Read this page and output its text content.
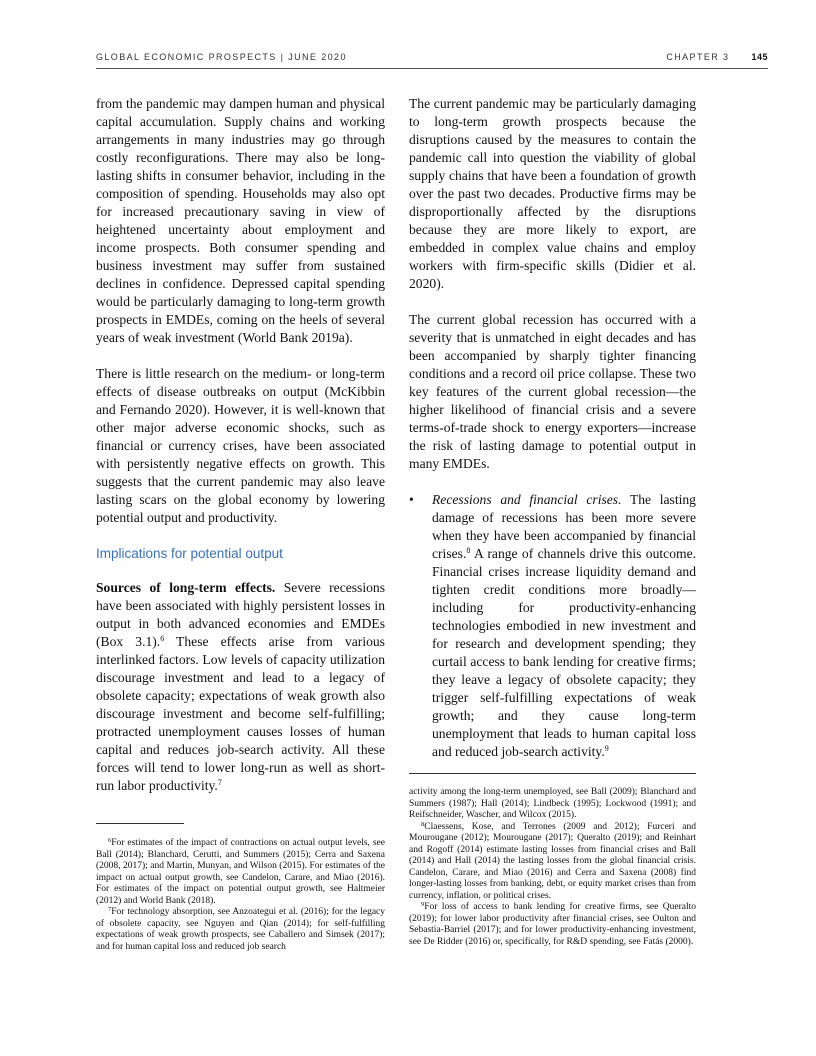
GLOBAL ECONOMIC PROSPECTS | JUNE 2020	CHAPTER 3 145

from the pandemic may dampen human and physical capital accumulation. Supply chains and working arrangements in many industries may go through costly reconfigurations. There may also be long-lasting shifts in consumer behavior, including in the composition of spending. Households may also opt for increased precautionary saving in view of heightened uncertainty about employment and income prospects. Both consumer spending and business investment may suffer from sustained declines in confidence. Depressed capital spending would be particularly damaging to long-term growth prospects in EMDEs, coming on the heels of several years of weak investment (World Bank 2019a).

There is little research on the medium- or long-term effects of disease outbreaks on output (McKibbin and Fernando 2020). However, it is well-known that other major adverse economic shocks, such as financial or currency crises, have been associated with persistently negative effects on growth. This suggests that the current pandemic may also leave lasting scars on the global economy by lowering potential output and productivity.

Implications for potential output

Sources of long-term effects. Severe recessions have been associated with highly persistent losses in output in both advanced economies and EMDEs (Box 3.1).$^6$ These effects arise from various interlinked factors. Low levels of capacity utilization discourage investment and lead to a legacy of obsolete capacity; expectations of weak growth also discourage investment and become self-fulfilling; protracted unemployment causes losses of human capital and reduces job-search activity. All these forces will tend to lower long-run as well as short-run labor productivity.$^7$

The current pandemic may be particularly damaging to long-term growth prospects because the disruptions caused by the measures to contain the pandemic call into question the viability of global supply chains that have been a foundation of growth over the past two decades. Productive firms may be disproportionally affected by the disruptions because they are more likely to export, are embedded in complex value chains and employ workers with firm-specific skills (Didier et al. 2020).

The current global recession has occurred with a severity that is unmatched in eight decades and has been accompanied by sharply tighter financing conditions and a record oil price collapse. These two key features of the current global recession—the higher likelihood of financial crisis and a severe terms-of-trade shock to energy exporters—increase the risk of lasting damage to potential output in many EMDEs.

• Recessions and financial crises. The lasting damage of recessions has been more severe when they have been accompanied by financial crises.$^8$ A range of channels drive this outcome. Financial crises increase liquidity demand and tighten credit conditions more broadly—including for productivity-enhancing technologies embodied in new investment and for research and development spending; they curtail access to bank lending for creative firms; they leave a legacy of obsolete capacity; they trigger self-fulfilling expectations of weak growth; and they cause long-term unemployment that leads to human capital loss and reduced job-search activity.$^9$

$^6$For estimates of the impact of contractions on actual output levels, see Ball (2014); Blanchard, Cerutti, and Summers (2015); Cerra and Saxena (2008, 2017); and Martin, Munyan, and Wilson (2015). For estimates of the impact on actual output growth, see Candelon, Carare, and Miao (2016). For estimates of the impact on potential output growth, see Haltmeier (2012) and World Bank (2018).

$^7$For technology absorption, see Anzoategui et al. (2016); for the legacy of obsolete capacity, see Nguyen and Qian (2014); for self-fulfilling expectations of weak growth prospects, see Caballero and Simsek (2017); and for human capital loss and reduced job search

activity among the long-term unemployed, see Ball (2009); Blanchard and Summers (1987); Hall (2014); Lindbeck (1995); Lockwood (1991); and Reifschneider, Wascher, and Wilcox (2015).

$^8$Claessens, Kose, and Terrones (2009 and 2012); Furceri and Mourougane (2012); Mourougane (2017); Queralto (2019); and Reinhart and Rogoff (2014) estimate lasting losses from financial crises and Ball (2014) and Hall (2014) the lasting losses from the global financial crisis. Candelon, Carare, and Miao (2016) and Cerra and Saxena (2008) find longer-lasting losses from banking, debt, or equity market crises than from currency, inflation, or political crises.

$^9$For loss of access to bank lending for creative firms, see Queralto (2019); for lower labor productivity after financial crises, see Oulton and Sebastia-Barriel (2017); and for lower productivity-enhancing investment, see De Ridder (2016) or, specifically, for R&D spending, see Fatás (2000).
